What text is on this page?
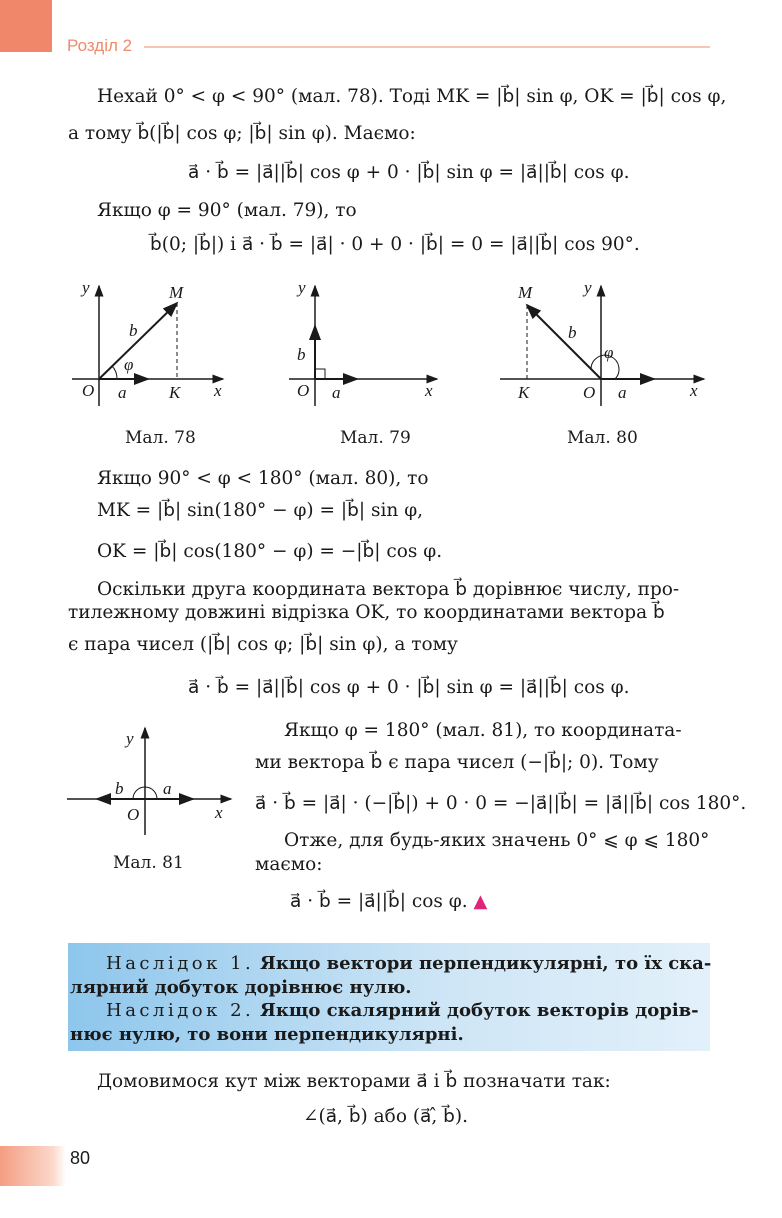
Розділ 2
Нехай 0° < φ < 90° (мал. 78). Тоді MK = |b⃗| sin φ, OK = |b⃗| cos φ,
а тому b⃗(|b⃗| cos φ; |b⃗| sin φ). Маємо:
a⃗ · b⃗ = |a⃗||b⃗| cos φ + 0 · |b⃗| sin φ = |a⃗||b⃗| cos φ.
Якщо φ = 90° (мал. 79), то
b⃗(0; |b⃗|) і a⃗ · b⃗ = |a⃗| · 0 + 0 · |b⃗| = 0 = |a⃗||b⃗| cos 90°.
y
x
O	K
M
a⃗
b⃗
φ
Мал. 78
y
x
O a⃗
b⃗
Мал. 79
y
x
O
K
M
a⃗
b⃗
φ
Мал. 80
Якщо 90° < φ < 180° (мал. 80), то
MK = |b⃗| sin(180° − φ) = |b⃗| sin φ,
OK = |b⃗| cos(180° − φ) = −|b⃗| cos φ.
Оскільки друга координата вектора b⃗ дорівнює числу, про-
тилежному довжині відрізка OK, то координатами вектора b⃗
є пара чисел (|b⃗| cos φ; |b⃗| sin φ), а тому
a⃗ · b⃗ = |a⃗||b⃗| cos φ + 0 · |b⃗| sin φ = |a⃗||b⃗| cos φ.
y
x
O
a⃗
b⃗
Мал. 81
Якщо φ = 180° (мал. 81), то координата-
ми вектора b⃗ є пара чисел (−|b⃗|; 0). Тому
a⃗ · b⃗ = |a⃗| · (−|b⃗|) + 0 · 0 = −|a⃗||b⃗| = |a⃗||b⃗| cos 180°.
Отже, для будь-яких значень 0° ⩽ φ ⩽ 180°
маємо:
a⃗ · b⃗ = |a⃗||b⃗| cos φ. ▲
Наслідок 1. Якщо вектори перпендикулярні, то їх ска-
лярний добуток дорівнює нулю.
Наслідок 2. Якщо скалярний добуток векторів дорів-
нює нулю, то вони перпендикулярні.
Домовимося кут між векторами a⃗ і b⃗ позначати так:
∠(a⃗, b⃗) або (a⃗,̂ b⃗).
80
